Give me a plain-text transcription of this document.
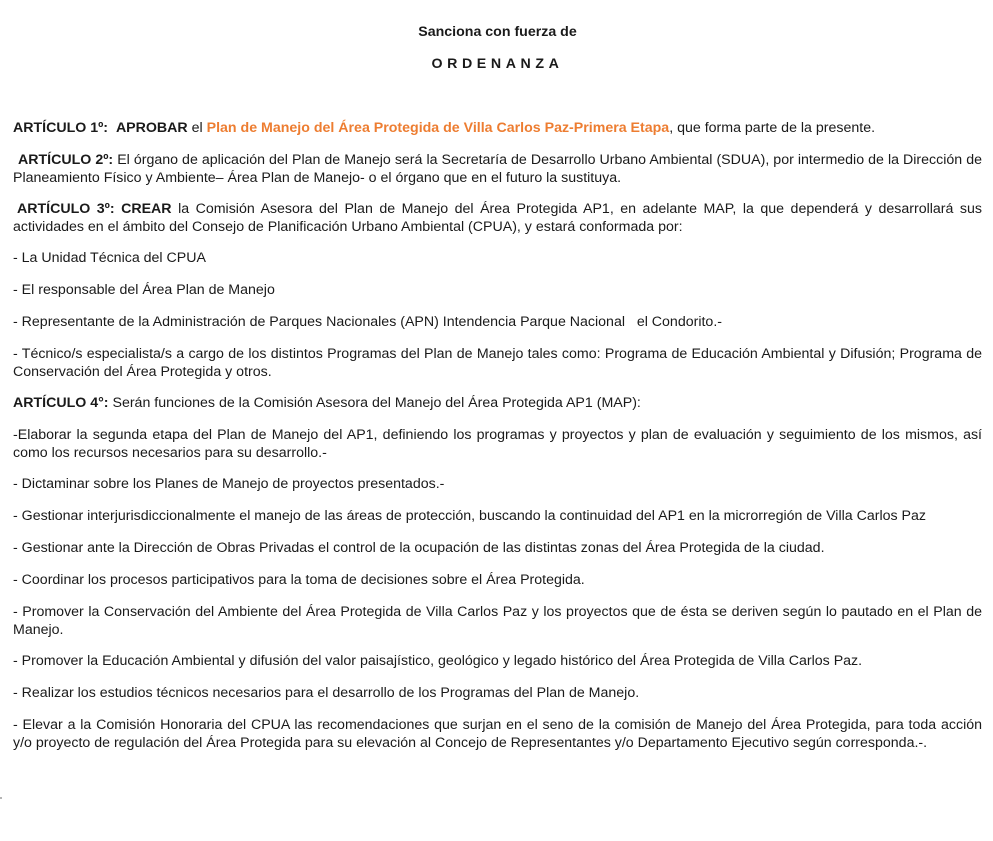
Sanciona con fuerza de
ORDENANZA

ARTÍCULO 1º: APROBAR el Plan de Manejo del Área Protegida de Villa Carlos Paz-Primera Etapa, que forma parte de la presente.

ARTÍCULO 2º: El órgano de aplicación del Plan de Manejo será la Secretaría de Desarrollo Urbano Ambiental (SDUA), por intermedio de la Dirección de Planeamiento Físico y Ambiente– Área Plan de Manejo- o el órgano que en el futuro la sustituya.

ARTÍCULO 3º: CREAR la Comisión Asesora del Plan de Manejo del Área Protegida AP1, en adelante MAP, la que dependerá y desarrollará sus actividades en el ámbito del Consejo de Planificación Urbano Ambiental (CPUA), y estará conformada por:

- La Unidad Técnica del CPUA

- El responsable del Área Plan de Manejo

- Representante de la Administración de Parques Nacionales (APN) Intendencia Parque Nacional   el Condorito.-

- Técnico/s especialista/s a cargo de los distintos Programas del Plan de Manejo tales como: Programa de Educación Ambiental y Difusión; Programa de Conservación del Área Protegida y otros.

ARTÍCULO 4°: Serán funciones de la Comisión Asesora del Manejo del Área Protegida AP1 (MAP):

-Elaborar la segunda etapa del Plan de Manejo del AP1, definiendo los programas y proyectos y plan de evaluación y seguimiento de los mismos, así como los recursos necesarios para su desarrollo.-

- Dictaminar sobre los Planes de Manejo de proyectos presentados.-

- Gestionar interjurisdiccionalmente el manejo de las áreas de protección, buscando la continuidad del AP1 en la microrregión de Villa Carlos Paz

- Gestionar ante la Dirección de Obras Privadas el control de la ocupación de las distintas zonas del Área Protegida de la ciudad.

- Coordinar los procesos participativos para la toma de decisiones sobre el Área Protegida.

- Promover la Conservación del Ambiente del Área Protegida de Villa Carlos Paz y los proyectos que de ésta se deriven según lo pautado en el Plan de Manejo.

- Promover la Educación Ambiental y difusión del valor paisajístico, geológico y legado histórico del Área Protegida de Villa Carlos Paz.

- Realizar los estudios técnicos necesarios para el desarrollo de los Programas del Plan de Manejo.

- Elevar a la Comisión Honoraria del CPUA las recomendaciones que surjan en el seno de la comisión de Manejo del Área Protegida, para toda acción y/o proyecto de regulación del Área Protegida para su elevación al Concejo de Representantes y/o Departamento Ejecutivo según corresponda.-.
